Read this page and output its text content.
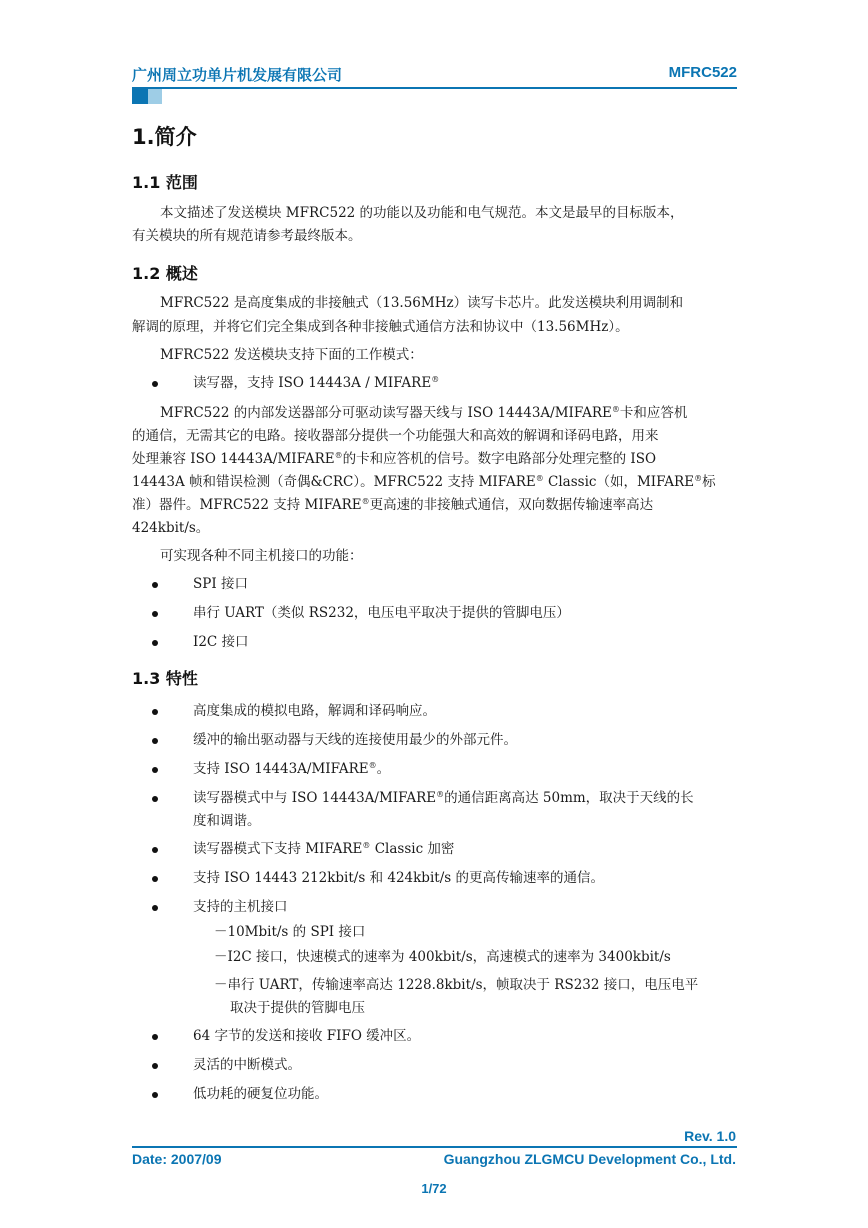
广州周立功单片机发展有限公司	MFRC522
1.简介
1.1 范围
本文描述了发送模块 MFRC522 的功能以及功能和电气规范。本文是最早的目标版本，
有关模块的所有规范请参考最终版本。
1.2 概述
MFRC522 是高度集成的非接触式（13.56MHz）读写卡芯片。此发送模块利用调制和
解调的原理，并将它们完全集成到各种非接触式通信方法和协议中（13.56MHz）。
MFRC522 发送模块支持下面的工作模式：
读写器，支持 ISO 14443A / MIFARE®
MFRC522 的内部发送器部分可驱动读写器天线与 ISO 14443A/MIFARE®卡和应答机
的通信，无需其它的电路。接收器部分提供一个功能强大和高效的解调和译码电路，用来
处理兼容 ISO 14443A/MIFARE®的卡和应答机的信号。数字电路部分处理完整的 ISO
14443A 帧和错误检测（奇偶&CRC）。MFRC522 支持 MIFARE® Classic（如，MIFARE®标
准）器件。MFRC522 支持 MIFARE®更高速的非接触式通信，双向数据传输速率高达
424kbit/s。
可实现各种不同主机接口的功能：
SPI 接口
串行 UART（类似 RS232，电压电平取决于提供的管脚电压）
I2C 接口
1.3 特性
高度集成的模拟电路，解调和译码响应。
缓冲的输出驱动器与天线的连接使用最少的外部元件。
支持 ISO 14443A/MIFARE®。
读写器模式中与 ISO 14443A/MIFARE®的通信距离高达 50mm，取决于天线的长
度和调谐。
读写器模式下支持 MIFARE® Classic 加密
支持 ISO 14443 212kbit/s 和 424kbit/s 的更高传输速率的通信。
支持的主机接口
－10Mbit/s 的 SPI 接口
－I2C 接口，快速模式的速率为 400kbit/s，高速模式的速率为 3400kbit/s
－串行 UART，传输速率高达 1228.8kbit/s，帧取决于 RS232 接口，电压电平
取决于提供的管脚电压
64 字节的发送和接收 FIFO 缓冲区。
灵活的中断模式。
低功耗的硬复位功能。
Rev. 1.0
Date: 2007/09	Guangzhou ZLGMCU Development Co., Ltd.
1/72
